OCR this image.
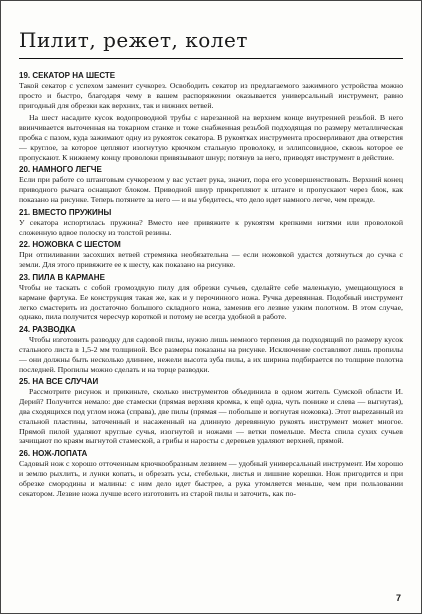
Пилит, режет, колет

19. СЕКАТОР НА ШЕСТЕ

Такой секатор с успехом заменит сучкорез. Освободить секатор из предлагаемого зажимного устройства можно просто и быстро, благодаря чему в вашем распоряжении оказывается универсальный инструмент, равно пригодный для обрезки как верхних, так и нижних ветвей.

На шест насадите кусок водопроводной трубы с нарезанной на верхнем конце внутренней резьбой. В него ввинчивается выточенная на токарном станке и тоже снабженная резьбой подходящая по размеру металлическая пробка с пазом, куда зажимают одну из рукояток секатора. В рукоятках инструмента просверливают два отверстия — круглое, за которое цепляют изогнутую крючком стальную проволоку, и эллипсовидное, сквозь которое ее пропускают. К нижнему концу проволоки привязывают шнур; потянув за него, приводят инструмент в действие.

20. НАМНОГО ЛЕГЧЕ

Если при работе со штанговым сучкорезом у вас устает рука, значит, пора его усовершенствовать. Верхний конец приводного рычага оснащают блоком. Приводной шнур прикрепляют к штанге и пропускают через блок, как показано на рисунке. Теперь потянете за него — и вы убедитесь, что дело идет намного легче, чем прежде.

21. ВМЕСТО ПРУЖИНЫ

У секатора испортилась пружина? Вместо нее привяжите к рукоятям крепкими нитями или проволокой сложенную вдвое полоску из толстой резины.

22. НОЖОВКА С ШЕСТОМ

При отпиливании засохших ветвей стремянка необязательна — если ножовкой удастся дотянуться до сучка с земли. Для этого привяжите ее к шесту, как показано на рисунке.

23. ПИЛА В КАРМАНЕ

Чтобы не таскать с собой громоздкую пилу для обрезки сучьев, сделайте себе маленькую, умещающуюся в кармане фартука. Ее конструкция такая же, как и у перочинного ножа. Ручка деревянная. Подобный инструмент легко смастерить из достаточно большого складного ножа, заменив его лезвие узким полотном. В этом случае, однако, пила получится чересчур короткой и потому не всегда удобной в работе.

24. РАЗВОДКА

Чтобы изготовить разводку для садовой пилы, нужно лишь немного терпения да подходящий по размеру кусок стального листа в 1,5-2 мм толщиной. Все размеры показаны на рисунке. Исключение составляют лишь пропилы — они должны быть несколько длиннее, нежели высота зуба пилы, а их ширина подбирается по толщине полотна последней. Пропилы можно сделать и на торце разводки.

25. НА ВСЕ СЛУЧАИ

Рассмотрите рисунок и прикиньте, сколько инструментов объединила в одном житель Сумской области И. Дерий? Получится немало: две стамески (прямая верхняя кромка, к ещё одна, чуть пониже и слева — выгнутая), два сходящихся под углом ножа (справа), две пилы (прямая — побольше и вогнутая ножовка). Этот выреzанный из стальной пластины, заточенный и насаженный на длинную деревянную рукоять инструмент может многое. Прямой пилой удаляют круглые сучья, изогнутой и ножами — ветки помельше. Места спила сухих сучьев зачищают по краям выгнутой стамеской, а грибы и наросты с деревьев удаляют верхней, прямой.

26. НОЖ-ЛОПАТА

Садовый нож с хорошо отточенным крючкообразным лезвием — удобный универсальный инструмент. Им хорошо и землю рыхлить, и лунки копать, и обрезать усы, стебельки, листья и лишние корешки. Нож пригодится и при обрезке смородины и малины: с ним дело идет быстрее, а рука утомляется меньше, чем при пользовании секатором. Лезвие ножа лучше всего изготовить из старой пилы и заточить, как по-

7
